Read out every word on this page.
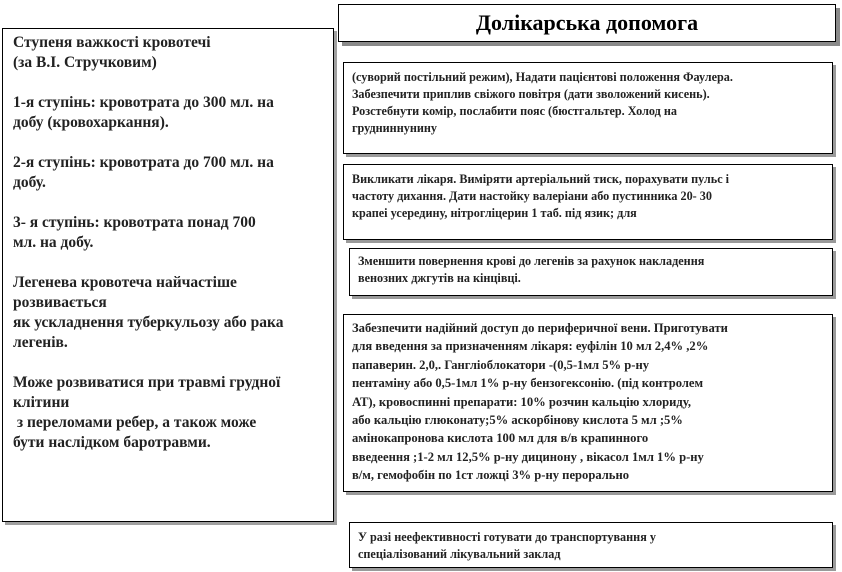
Долікарська допомога

Ступеня важкості кровотечі

(за В.І. Стручковим)

1-я ступінь: кровотрата до 300 мл. на

добу (кровохаркання).

2-я ступінь: кровотрата до 700 мл. на

добу.

3- я ступінь: кровотрата понад 700

мл. на добу.

Легенева кровотеча найчастіше

розвивається

як ускладнення туберкульозу або рака

легенів.

Може розвиватися при травмі грудної

клітини

з переломами ребер, а також може

бути наслідком баротравми.

(суворий постільний режим), Надати пацієнтові положення Фаулера.

Забезпечити приплив свіжого повітря (дати зволожений кисень).

Розстебнути комір, послабити пояс (бюстгальтер. Холод на

грудниннунину

Викликати лікаря. Виміряти артеріальний тиск, порахувати пульс і

частоту дихання. Дати настойку валеріани або пустинника 20- 30

крапеі усередину, нітрогліцерин 1 таб. під язик; для

Зменшити повернення крові до легенів за рахунок накладення

венозних джгутів на кінцівці.

Забезпечити надійний доступ до периферичної вени. Приготувати

для введення за призначенням лікаря: еуфілін 10 мл 2,4% ,2%

папаверин. 2,0,. Гангліоблокатори -(0,5-1мл 5% р-ну

пентаміну або 0,5-1мл 1% р-ну бензогексонію. (під контролем

АТ), кровоспинні препарати: 10% розчин кальцію хлориду,

або кальцію глюконату;5% аскорбінову кислота 5 мл ;5%

амінокапронова кислота 100 мл для в/в крапинного

введеення ;1-2 мл 12,5% р-ну дицинону , вікасол 1мл 1% р-ну

в/м, гемофобін по 1ст ложці 3% р-ну перорально

У разі неефективності готувати до транспортування у

спеціалізований лікувальний заклад
